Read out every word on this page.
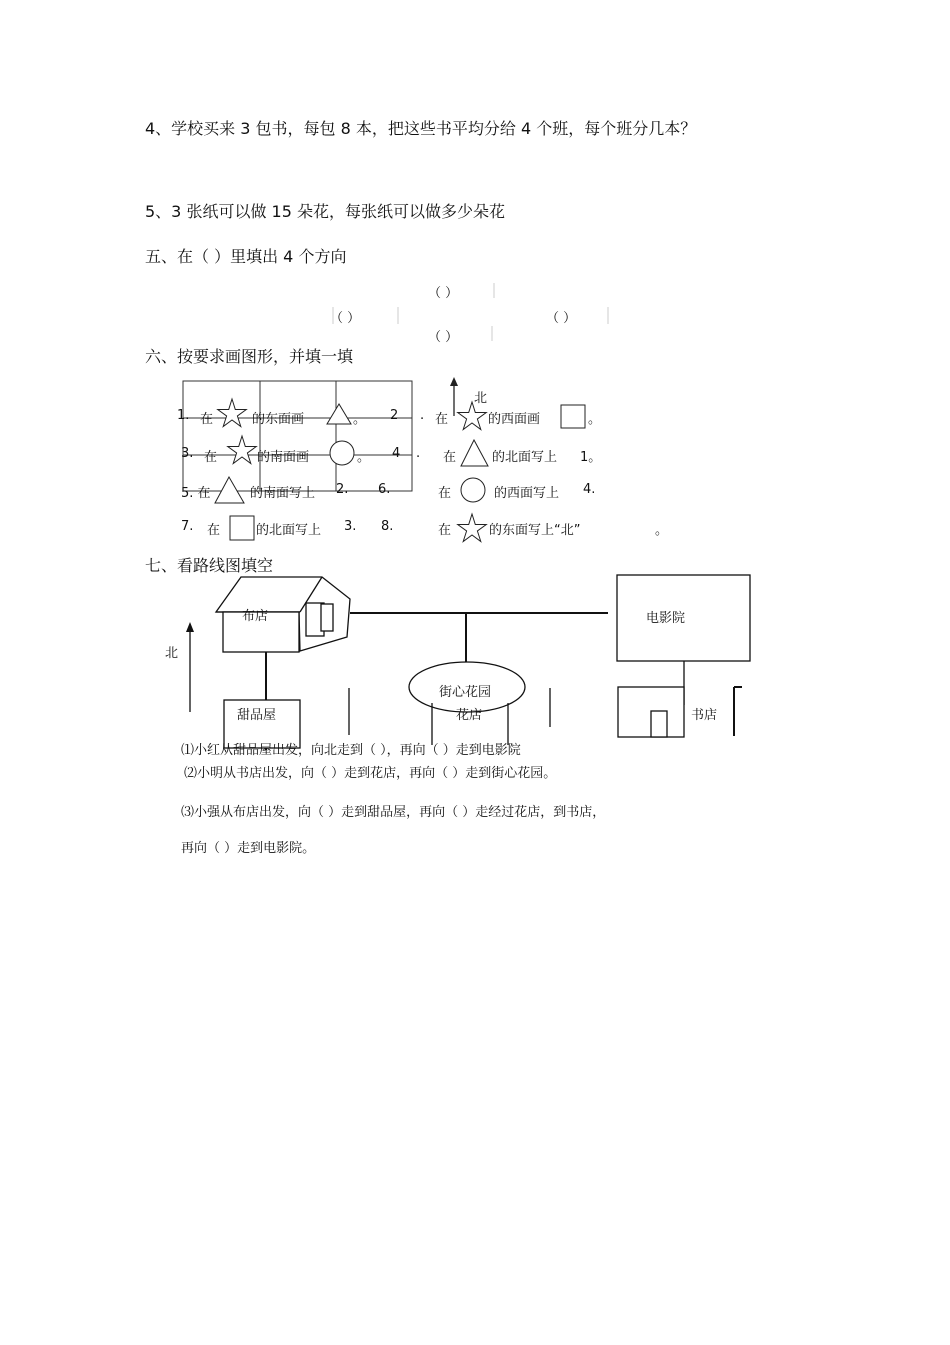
4、学校买来 3 包书，每包 8 本，把这些书平均分给 4 个班，每个班分几本？
5、3 张纸可以做 15 朵花，每张纸可以做多少朵花
五、在（ ）里填出 4 个方向
（ ）
（ ）	（ ）
（ ）
六、按要求画图形，并填一填
北
1. 在	的东面画	。 2 . 在	的西面画	。
3. 在	的南面画	。 4 . 在	的北面写上 1。
5. 在	的南面写上 2. 6.	在	的西面写上 4.
7. 在	的北面写上 3. 8.	在	的东面写上“北”	。
七、看路线图填空
布店	电影院
北
街心花园
甜品屋	花店	书店
⑴小红从甜品屋出发，向北走到（ ），再向（ ）走到电影院
⑵小明从书店出发，向（ ）走到花店，再向（ ）走到街心花园。
⑶小强从布店出发，向（ ）走到甜品屋，再向（ ）走经过花店，到书店，
再向（ ）走到电影院。
